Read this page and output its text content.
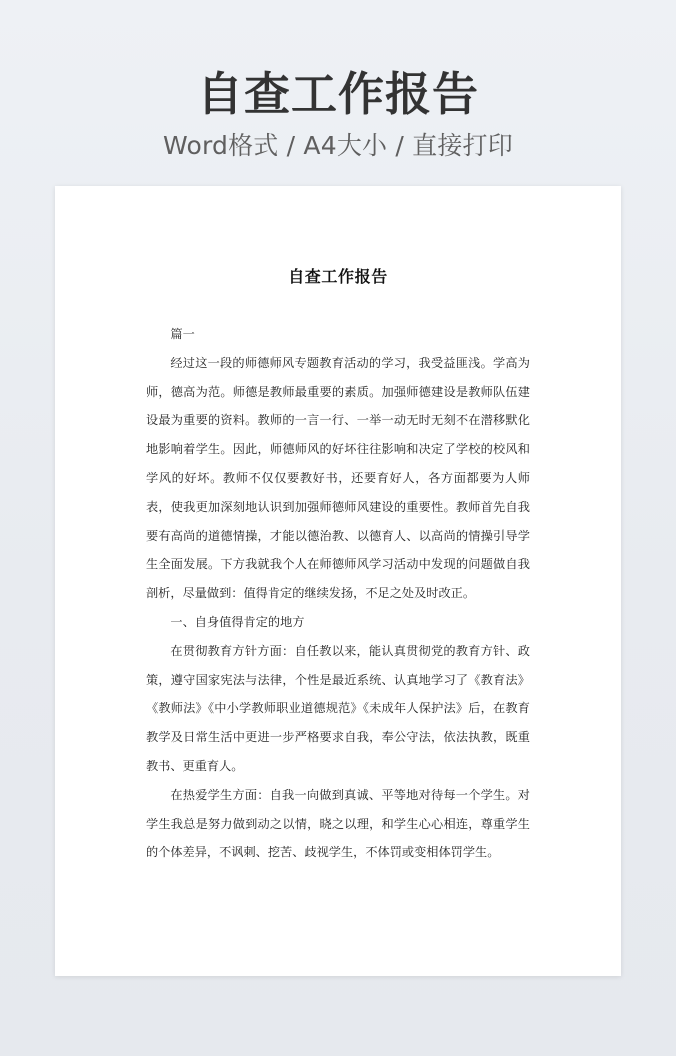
自查工作报告
Word格式 / A4大小 / 直接打印
自查工作报告

篇一

经过这一段的师德师风专题教育活动的学习，我受益匪浅。学高为师，德高为范。师德是教师最重要的素质。加强师德建设是教师队伍建设最为重要的资料。教师的一言一行、一举一动无时无刻不在潜移默化地影响着学生。因此，师德师风的好坏往往影响和决定了学校的校风和学风的好坏。教师不仅仅要教好书，还要育好人，各方面都要为人师表，使我更加深刻地认识到加强师德师风建设的重要性。教师首先自我要有高尚的道德情操，才能以德治教、以德育人、以高尚的情操引导学生全面发展。下方我就我个人在师德师风学习活动中发现的问题做自我剖析，尽量做到：值得肯定的继续发扬，不足之处及时改正。

一、自身值得肯定的地方

在贯彻教育方针方面：自任教以来，能认真贯彻党的教育方针、政策，遵守国家宪法与法律，个性是最近系统、认真地学习了《教育法》《教师法》《中小学教师职业道德规范》《未成年人保护法》后，在教育教学及日常生活中更进一步严格要求自我，奉公守法，依法执教，既重教书、更重育人。

在热爱学生方面：自我一向做到真诚、平等地对待每一个学生。对学生我总是努力做到动之以情，晓之以理，和学生心心相连，尊重学生的个体差异，不讽刺、挖苦、歧视学生，不体罚或变相体罚学生。
